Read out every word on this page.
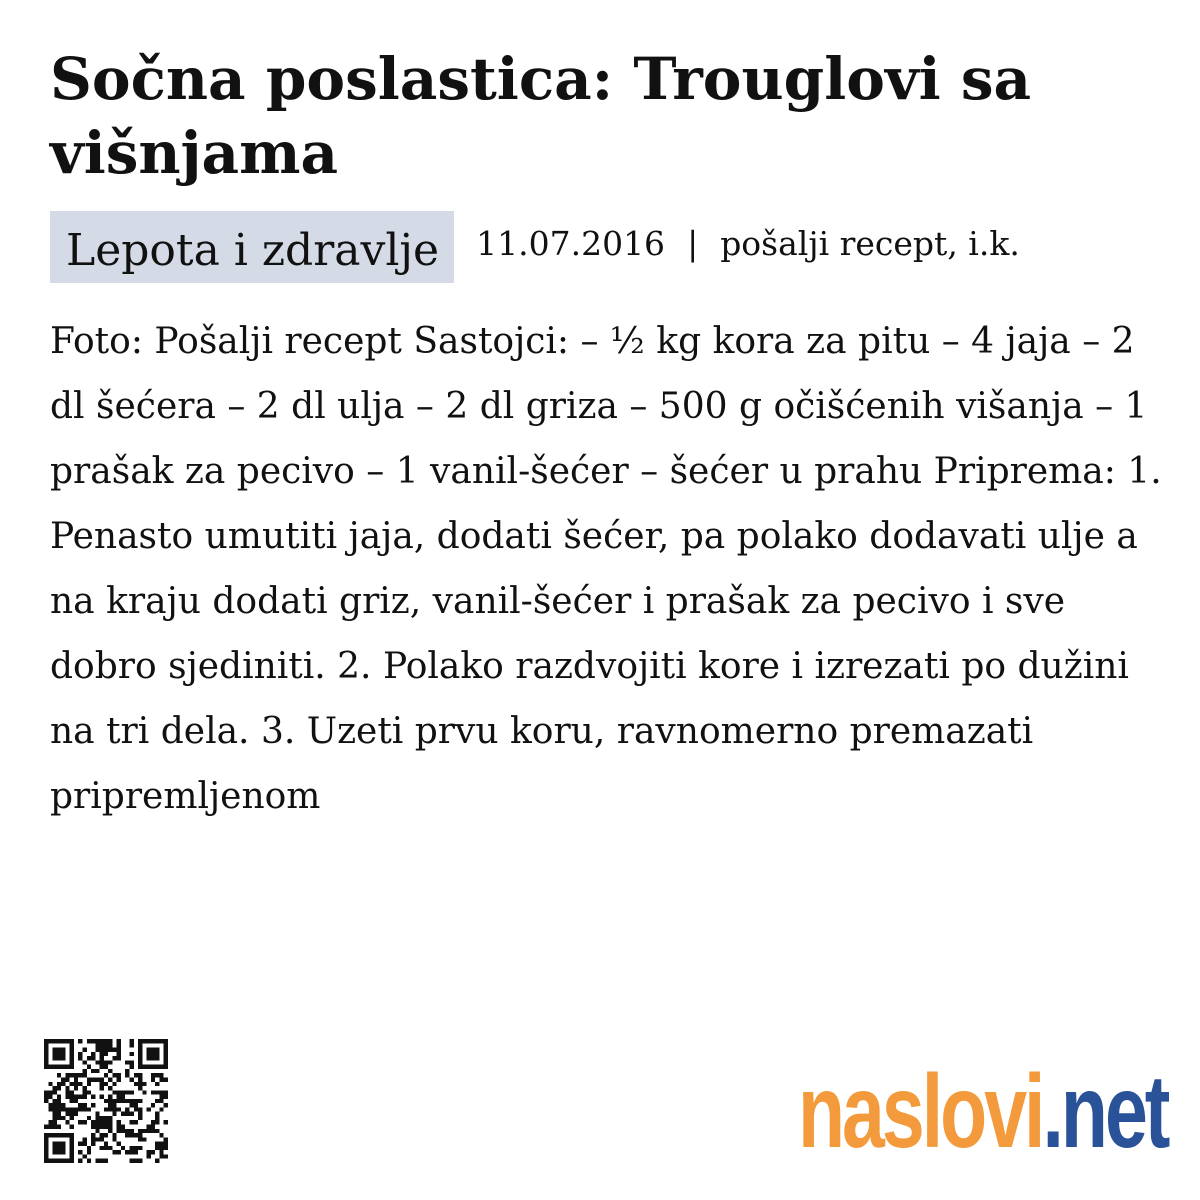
Sočna poslastica: Trouglovi sa višnjama
Lepota i zdravlje	11.07.2016 | pošalji recept, i.k.

Foto: Pošalji recept Sastojci: – ½ kg kora za pitu – 4 jaja – 2 dl šećera – 2 dl ulja – 2 dl griza – 500 g očišćenih višanja – 1 prašak za pecivo – 1 vanil-šećer – šećer u prahu Priprema: 1. Penasto umutiti jaja, dodati šećer, pa polako dodavati ulje a na kraju dodati griz, vanil-šećer i prašak za pecivo i sve dobro sjediniti. 2. Polako razdvojiti kore i izrezati po dužini na tri dela. 3. Uzeti prvu koru, ravnomerno premazati pripremljenom

naslovi.net
